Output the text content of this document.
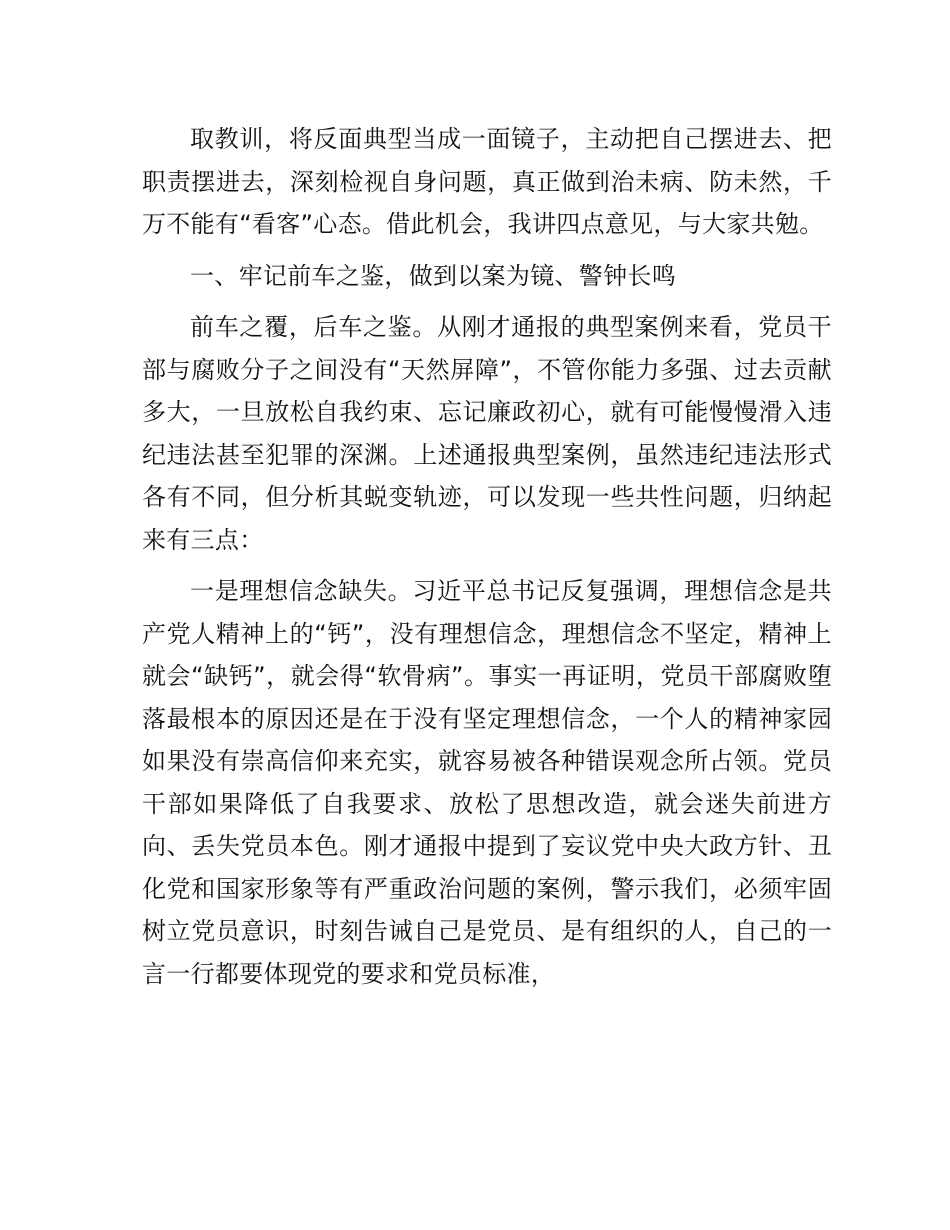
取教训，将反面典型当成一面镜子，主动把自己摆进去、把职责摆进去，深刻检视自身问题，真正做到治未病、防未然，千万不能有“看客”心态。借此机会，我讲四点意见，与大家共勉。

一、牢记前车之鉴，做到以案为镜、警钟长鸣

前车之覆，后车之鉴。从刚才通报的典型案例来看，党员干部与腐败分子之间没有“天然屏障”，不管你能力多强、过去贡献多大，一旦放松自我约束、忘记廉政初心，就有可能慢慢滑入违纪违法甚至犯罪的深渊。上述通报典型案例，虽然违纪违法形式各有不同，但分析其蜕变轨迹，可以发现一些共性问题，归纳起来有三点：

一是理想信念缺失。习近平总书记反复强调，理想信念是共产党人精神上的“钙”，没有理想信念，理想信念不坚定，精神上就会“缺钙”，就会得“软骨病”。事实一再证明，党员干部腐败堕落最根本的原因还是在于没有坚定理想信念，一个人的精神家园如果没有崇高信仰来充实，就容易被各种错误观念所占领。党员干部如果降低了自我要求、放松了思想改造，就会迷失前进方向、丢失党员本色。刚才通报中提到了妄议党中央大政方针、丑化党和国家形象等有严重政治问题的案例，警示我们，必须牢固树立党员意识，时刻告诫自己是党员、是有组织的人，自己的一言一行都要体现党的要求和党员标准，
